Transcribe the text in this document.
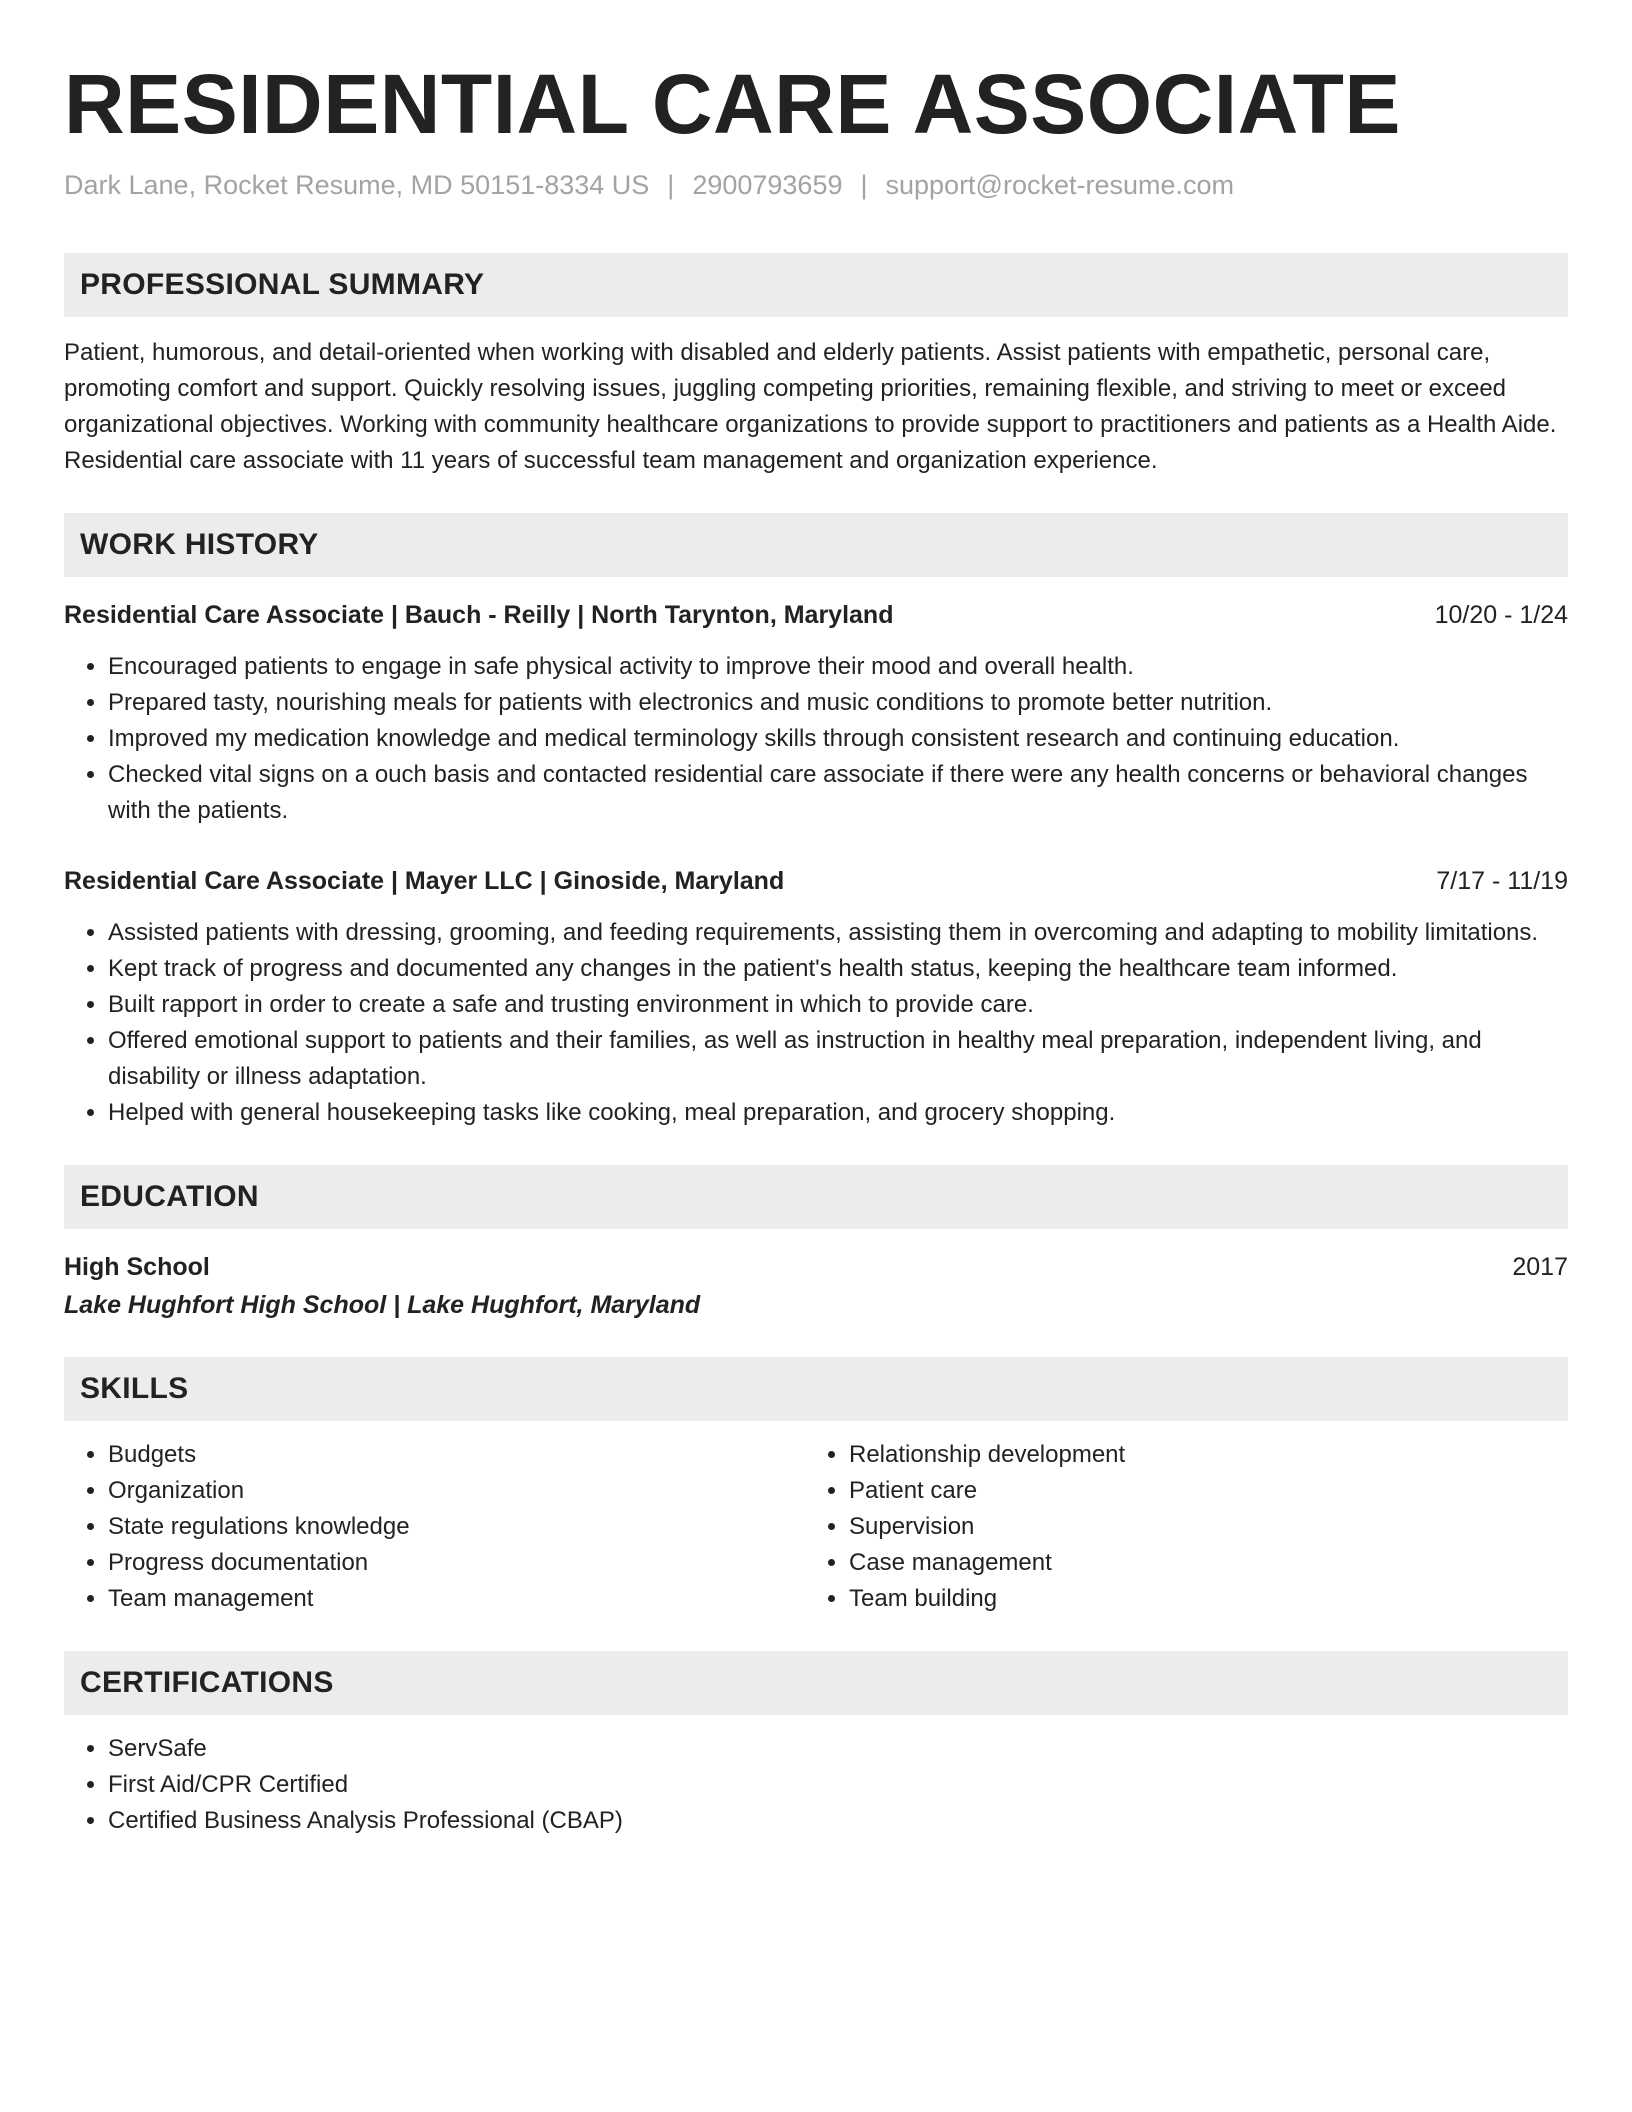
RESIDENTIAL CARE ASSOCIATE
Dark Lane, Rocket Resume, MD 50151-8334 US | 2900793659 | support@rocket-resume.com
PROFESSIONAL SUMMARY
Patient, humorous, and detail-oriented when working with disabled and elderly patients. Assist patients with empathetic, personal care, promoting comfort and support. Quickly resolving issues, juggling competing priorities, remaining flexible, and striving to meet or exceed organizational objectives. Working with community healthcare organizations to provide support to practitioners and patients as a Health Aide. Residential care associate with 11 years of successful team management and organization experience.
WORK HISTORY
Residential Care Associate | Bauch - Reilly | North Tarynton, Maryland	10/20 - 1/24
• Encouraged patients to engage in safe physical activity to improve their mood and overall health.
• Prepared tasty, nourishing meals for patients with electronics and music conditions to promote better nutrition.
• Improved my medication knowledge and medical terminology skills through consistent research and continuing education.
• Checked vital signs on a ouch basis and contacted residential care associate if there were any health concerns or behavioral changes with the patients.
Residential Care Associate | Mayer LLC | Ginoside, Maryland	7/17 - 11/19
• Assisted patients with dressing, grooming, and feeding requirements, assisting them in overcoming and adapting to mobility limitations.
• Kept track of progress and documented any changes in the patient's health status, keeping the healthcare team informed.
• Built rapport in order to create a safe and trusting environment in which to provide care.
• Offered emotional support to patients and their families, as well as instruction in healthy meal preparation, independent living, and disability or illness adaptation.
• Helped with general housekeeping tasks like cooking, meal preparation, and grocery shopping.
EDUCATION
High School	2017
Lake Hughfort High School | Lake Hughfort, Maryland
SKILLS
• Budgets
• Organization
• State regulations knowledge
• Progress documentation
• Team management
• Relationship development
• Patient care
• Supervision
• Case management
• Team building
CERTIFICATIONS
• ServSafe
• First Aid/CPR Certified
• Certified Business Analysis Professional (CBAP)
